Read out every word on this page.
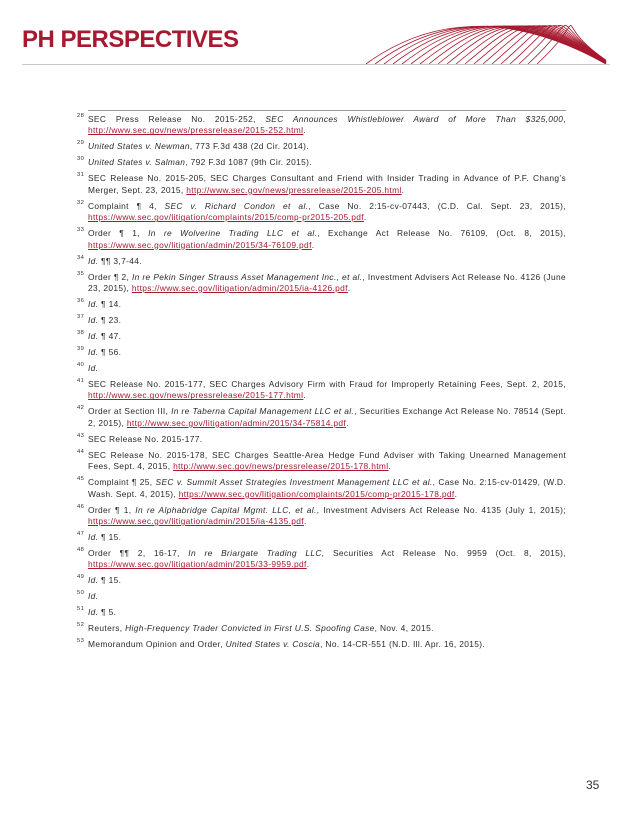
PH PERSPECTIVES

28 SEC Press Release No. 2015-252, SEC Announces Whistleblower Award of More Than $325,000, http://www.sec.gov/news/pressrelease/2015-252.html.

29 United States v. Newman, 773 F.3d 438 (2d Cir. 2014).

30 United States v. Salman, 792 F.3d 1087 (9th Cir. 2015).

31 SEC Release No. 2015-205, SEC Charges Consultant and Friend with Insider Trading in Advance of P.F. Chang’s Merger, Sept. 23, 2015, http://www.sec.gov/news/pressrelease/2015-205.html.

32 Complaint ¶ 4, SEC v. Richard Condon et al., Case No. 2:15-cv-07443, (C.D. Cal. Sept. 23, 2015), https://www.sec.gov/litigation/complaints/2015/comp-pr2015-205.pdf.

33 Order ¶ 1, In re Wolverine Trading LLC et al., Exchange Act Release No. 76109, (Oct. 8, 2015), https://www.sec.gov/litigation/admin/2015/34-76109.pdf.

34 Id. ¶¶ 3,7-44.

35 Order ¶ 2, In re Pekin Singer Strauss Asset Management Inc., et al., Investment Advisers Act Release No. 4126 (June 23, 2015), https://www.sec.gov/litigation/admin/2015/ia-4126.pdf.

36 Id. ¶ 14.

37 Id. ¶ 23.

38 Id. ¶ 47.

39 Id. ¶ 56.

40 Id.

41 SEC Release No. 2015-177, SEC Charges Advisory Firm with Fraud for Improperly Retaining Fees, Sept. 2, 2015, http://www.sec.gov/news/pressrelease/2015-177.html.

42 Order at Section III, In re Taberna Capital Management LLC et al., Securities Exchange Act Release No. 78514 (Sept. 2, 2015), http://www.sec.gov/litigation/admin/2015/34-75814.pdf.

43 SEC Release No. 2015-177.

44 SEC Release No. 2015-178, SEC Charges Seattle-Area Hedge Fund Adviser with Taking Unearned Management Fees, Sept. 4, 2015, http://www.sec.gov/news/pressrelease/2015-178.html.

45 Complaint ¶ 25, SEC v. Summit Asset Strategies Investment Management LLC et al., Case No. 2:15-cv-01429, (W.D. Wash. Sept. 4, 2015), https://www.sec.gov/litigation/complaints/2015/comp-pr2015-178.pdf.

46 Order ¶ 1, In re Alphabridge Capital Mgmt. LLC, et al., Investment Advisers Act Release No. 4135 (July 1, 2015); https://www.sec.gov/litigation/admin/2015/ia-4135.pdf.

47 Id. ¶ 15.

48 Order ¶¶ 2, 16-17, In re Briargate Trading LLC, Securities Act Release No. 9959 (Oct. 8, 2015), https://www.sec.gov/litigation/admin/2015/33-9959.pdf.

49 Id. ¶ 15.

50 Id.

51 Id. ¶ 5.

52 Reuters, High-Frequency Trader Convicted in First U.S. Spoofing Case, Nov. 4, 2015.

53 Memorandum Opinion and Order, United States v. Coscia, No. 14-CR-551 (N.D. Ill. Apr. 16, 2015).

35
